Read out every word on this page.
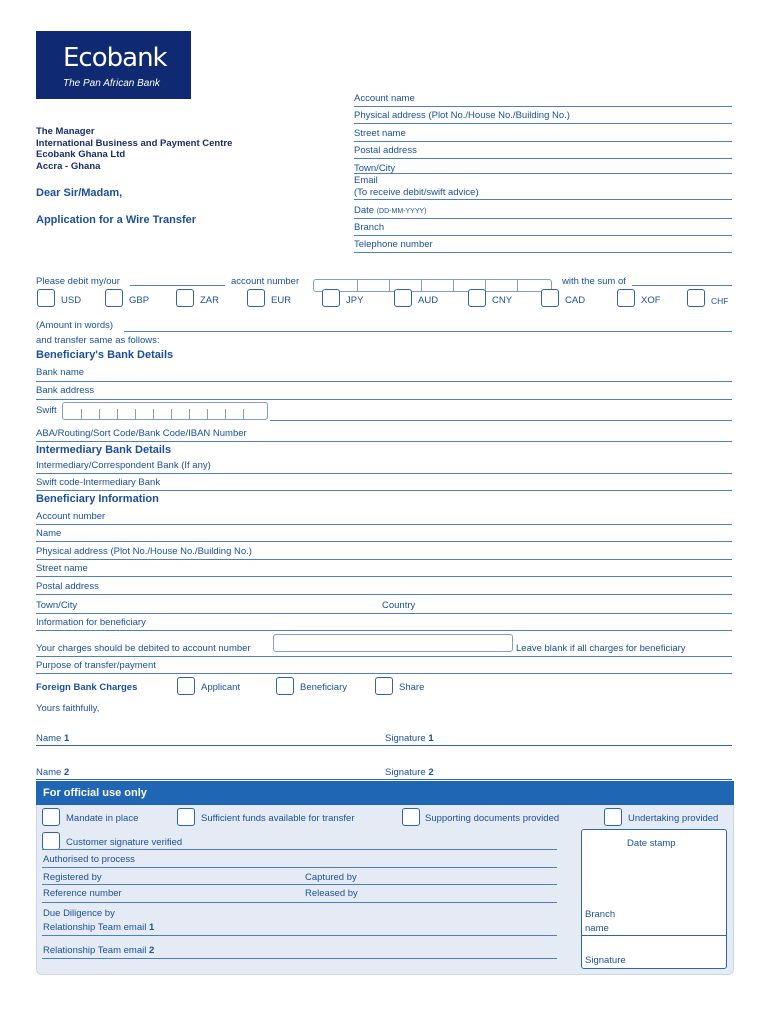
Ecobank
The Pan African Bank
Account name
Physical address (Plot No./House No./Building No.)
Street name
Postal address
Town/City
Email
(To receive debit/swift advice)
Date (DD-MM-YYYY)
Branch
Telephone number
The Manager
International Business and Payment Centre
Ecobank Ghana Ltd
Accra - Ghana
Dear Sir/Madam,
Application for a Wire Transfer
Please debit my/our	account number	with the sum of
USD	GBP	ZAR	EUR	JPY	AUD	CNY	CAD	XOF	CHF
(Amount in words)
and transfer same as follows:
Beneficiary's Bank Details
Bank name
Bank address
Swift
ABA/Routing/Sort Code/Bank Code/IBAN Number
Intermediary Bank Details
Intermediary/Correspondent Bank (If any)
Swift code-Intermediary Bank
Beneficiary Information
Account number
Name
Physical address (Plot No./House No./Building No.)
Street name
Postal address
Town/City	Country
Information for beneficiary
Your charges should be debited to account number	Leave blank if all charges for beneficiary
Purpose of transfer/payment
Foreign Bank Charges	Applicant	Beneficiary	Share
Yours faithfully,
Name 1	Signature 1
Name 2	Signature 2
For official use only
Mandate in place	Sufficient funds available for transfer	Supporting documents provided	Undertaking provided
Customer signature verified
Authorised to process
Registered by	Captured by
Reference number	Released by
Due Diligence by
Relationship Team email 1
Relationship Team email 2
Date stamp
Branch
name
Signature
